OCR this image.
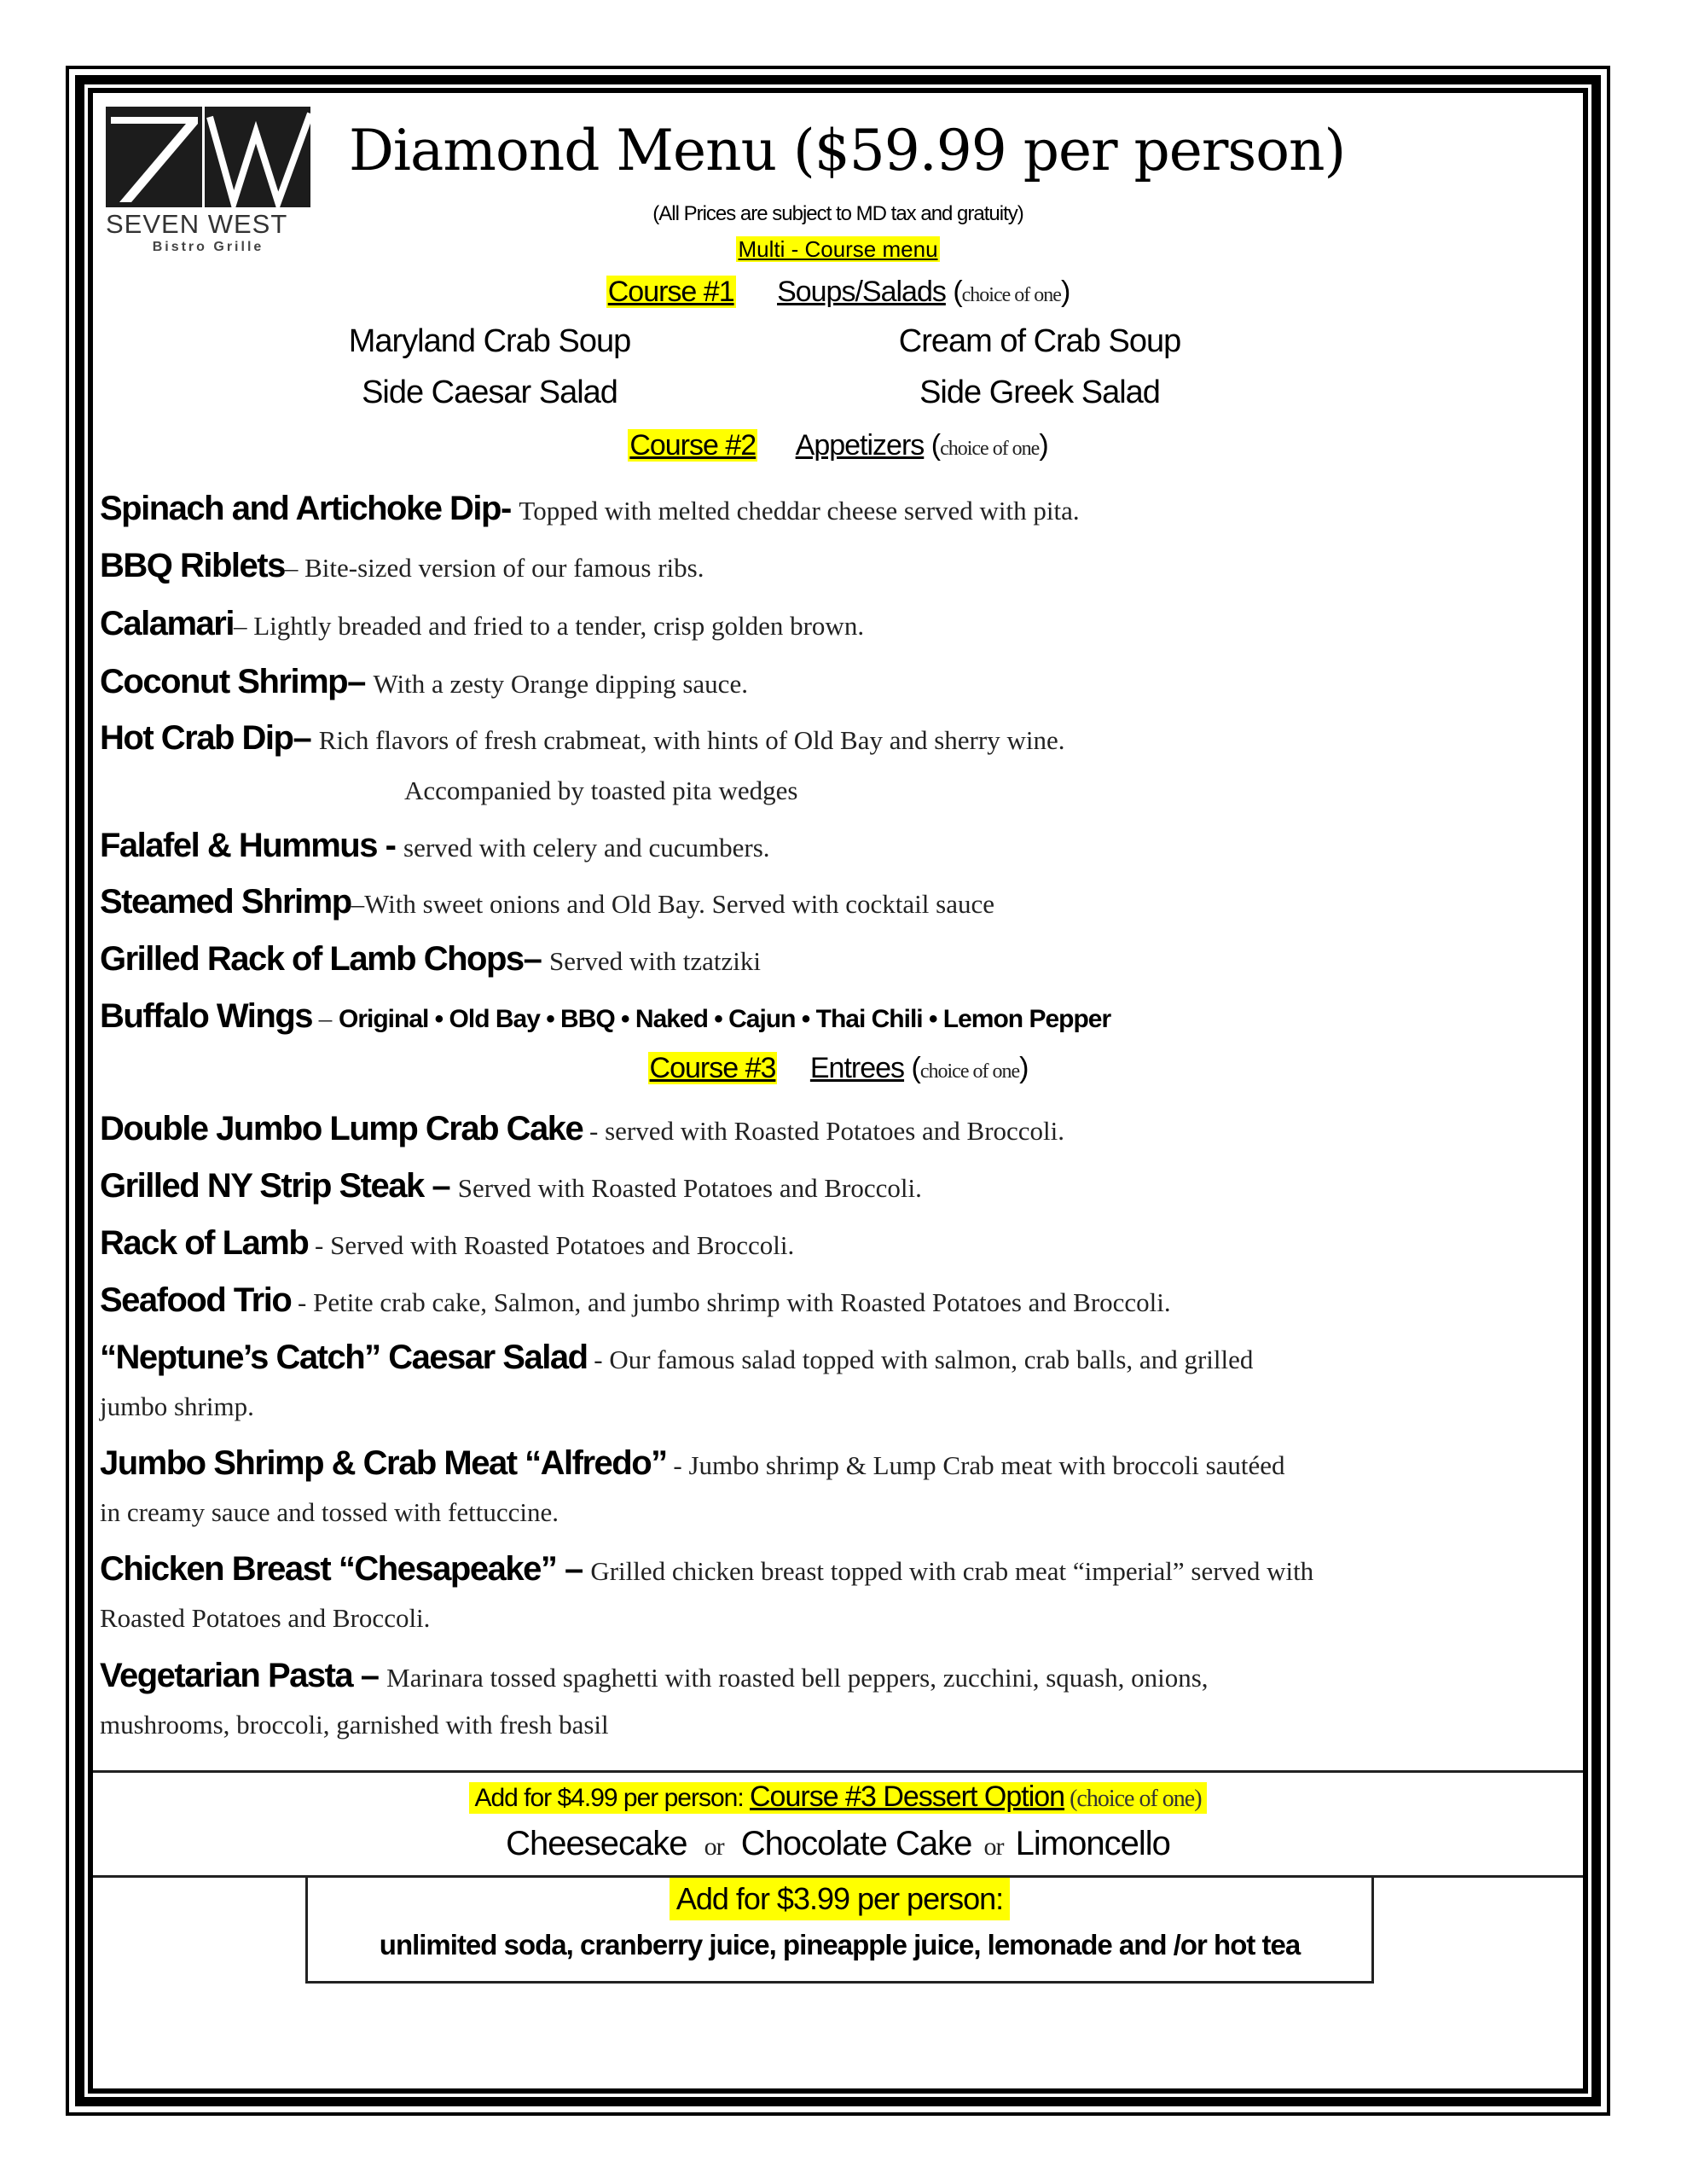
SEVEN WEST
Bistro Grille
Diamond Menu ($59.99 per person)
(All Prices are subject to MD tax and gratuity)
Multi - Course menu
Course #1 Soups/Salads (choice of one)
Maryland Crab Soup	Cream of Crab Soup
Side Caesar Salad	Side Greek Salad
Course #2 Appetizers (choice of one)
Spinach and Artichoke Dip- Topped with melted cheddar cheese served with pita.
BBQ Riblets– Bite-sized version of our famous ribs.
Calamari– Lightly breaded and fried to a tender, crisp golden brown.
Coconut Shrimp– With a zesty Orange dipping sauce.
Hot Crab Dip– Rich flavors of fresh crabmeat, with hints of Old Bay and sherry wine.
Accompanied by toasted pita wedges
Falafel & Hummus - served with celery and cucumbers.
Steamed Shrimp–With sweet onions and Old Bay. Served with cocktail sauce
Grilled Rack of Lamb Chops– Served with tzatziki
Buffalo Wings – Original • Old Bay • BBQ • Naked • Cajun • Thai Chili • Lemon Pepper
Course #3 Entrees (choice of one)
Double Jumbo Lump Crab Cake - served with Roasted Potatoes and Broccoli.
Grilled NY Strip Steak – Served with Roasted Potatoes and Broccoli.
Rack of Lamb - Served with Roasted Potatoes and Broccoli.
Seafood Trio - Petite crab cake, Salmon, and jumbo shrimp with Roasted Potatoes and Broccoli.
“Neptune’s Catch” Caesar Salad - Our famous salad topped with salmon, crab balls, and grilled
jumbo shrimp.
Jumbo Shrimp & Crab Meat “Alfredo” - Jumbo shrimp & Lump Crab meat with broccoli sautéed
in creamy sauce and tossed with fettuccine.
Chicken Breast “Chesapeake” – Grilled chicken breast topped with crab meat “imperial” served with
Roasted Potatoes and Broccoli.
Vegetarian Pasta – Marinara tossed spaghetti with roasted bell peppers, zucchini, squash, onions,
mushrooms, broccoli, garnished with fresh basil
Add for $4.99 per person: Course #3 Dessert Option (choice of one)
Cheesecake or Chocolate Cake or Limoncello
Add for $3.99 per person:
unlimited soda, cranberry juice, pineapple juice, lemonade and /or hot tea
